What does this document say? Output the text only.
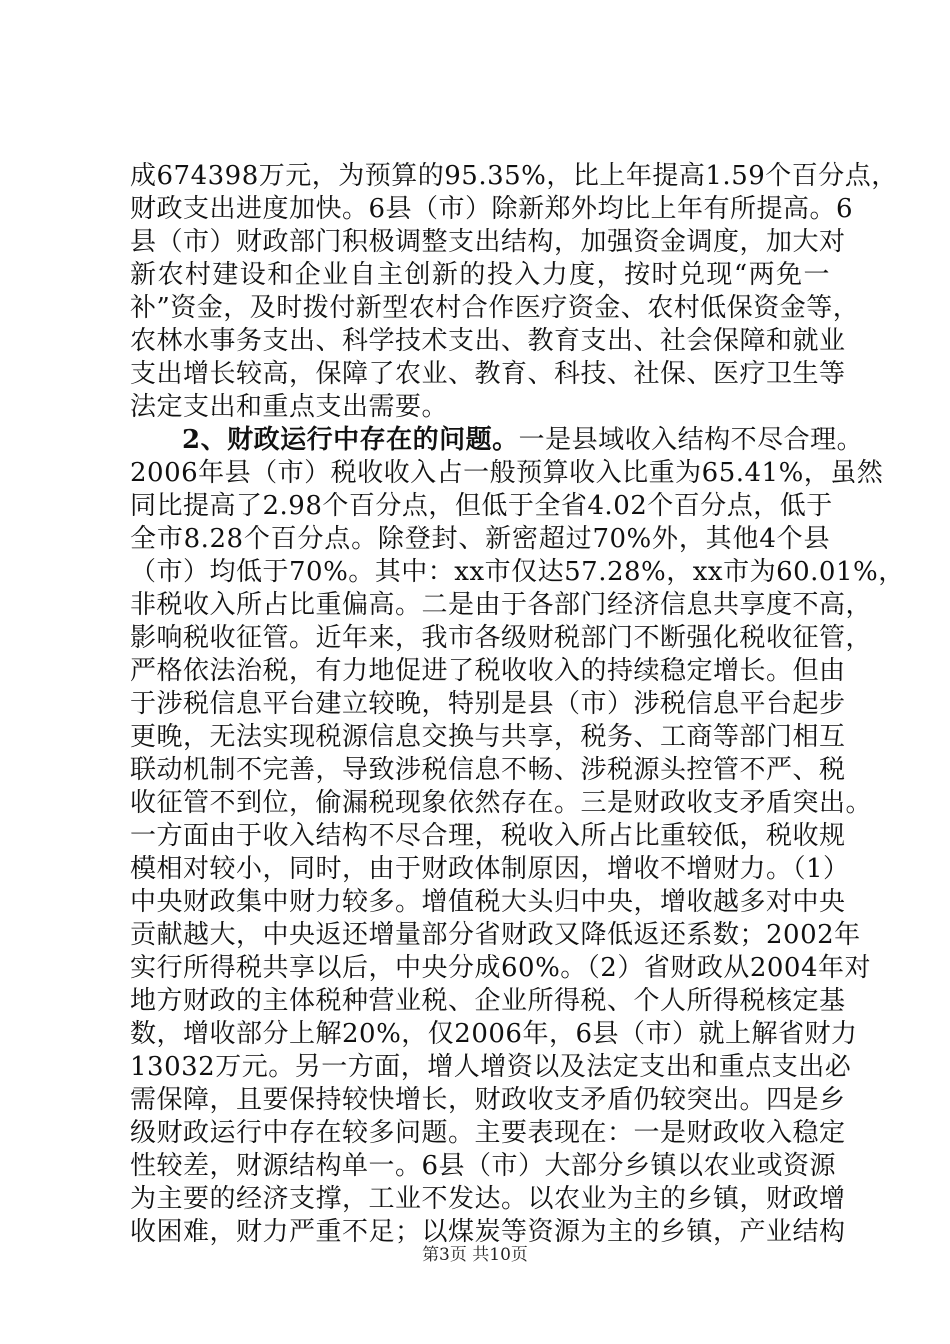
成674398万元，为预算的95.35%，比上年提高1.59个百分点，
财政支出进度加快。6县（市）除新郑外均比上年有所提高。6
县（市）财政部门积极调整支出结构，加强资金调度，加大对
新农村建设和企业自主创新的投入力度，按时兑现“两免一
补”资金，及时拨付新型农村合作医疗资金、农村低保资金等，
农林水事务支出、科学技术支出、教育支出、社会保障和就业
支出增长较高，保障了农业、教育、科技、社保、医疗卫生等
法定支出和重点支出需要。
2、财政运行中存在的问题。一是县域收入结构不尽合理。
2006年县（市）税收收入占一般预算收入比重为65.41%，虽然
同比提高了2.98个百分点，但低于全省4.02个百分点，低于
全市8.28个百分点。除登封、新密超过70%外，其他4个县
（市）均低于70%。其中：xx市仅达57.28%，xx市为60.01%，
非税收入所占比重偏高。二是由于各部门经济信息共享度不高，
影响税收征管。近年来，我市各级财税部门不断强化税收征管，
严格依法治税，有力地促进了税收收入的持续稳定增长。但由
于涉税信息平台建立较晚，特别是县（市）涉税信息平台起步
更晚，无法实现税源信息交换与共享，税务、工商等部门相互
联动机制不完善，导致涉税信息不畅、涉税源头控管不严、税
收征管不到位，偷漏税现象依然存在。三是财政收支矛盾突出。
一方面由于收入结构不尽合理，税收入所占比重较低，税收规
模相对较小，同时，由于财政体制原因，增收不增财力。（1）
中央财政集中财力较多。增值税大头归中央，增收越多对中央
贡献越大，中央返还增量部分省财政又降低返还系数；2002年
实行所得税共享以后，中央分成60%。（2）省财政从2004年对
地方财政的主体税种营业税、企业所得税、个人所得税核定基
数，增收部分上解20%，仅2006年，6县（市）就上解省财力
13032万元。另一方面，增人增资以及法定支出和重点支出必
需保障，且要保持较快增长，财政收支矛盾仍较突出。四是乡
级财政运行中存在较多问题。主要表现在：一是财政收入稳定
性较差，财源结构单一。6县（市）大部分乡镇以农业或资源
为主要的经济支撑，工业不发达。以农业为主的乡镇，财政增
收困难，财力严重不足；以煤炭等资源为主的乡镇，产业结构
第3页 共10页
